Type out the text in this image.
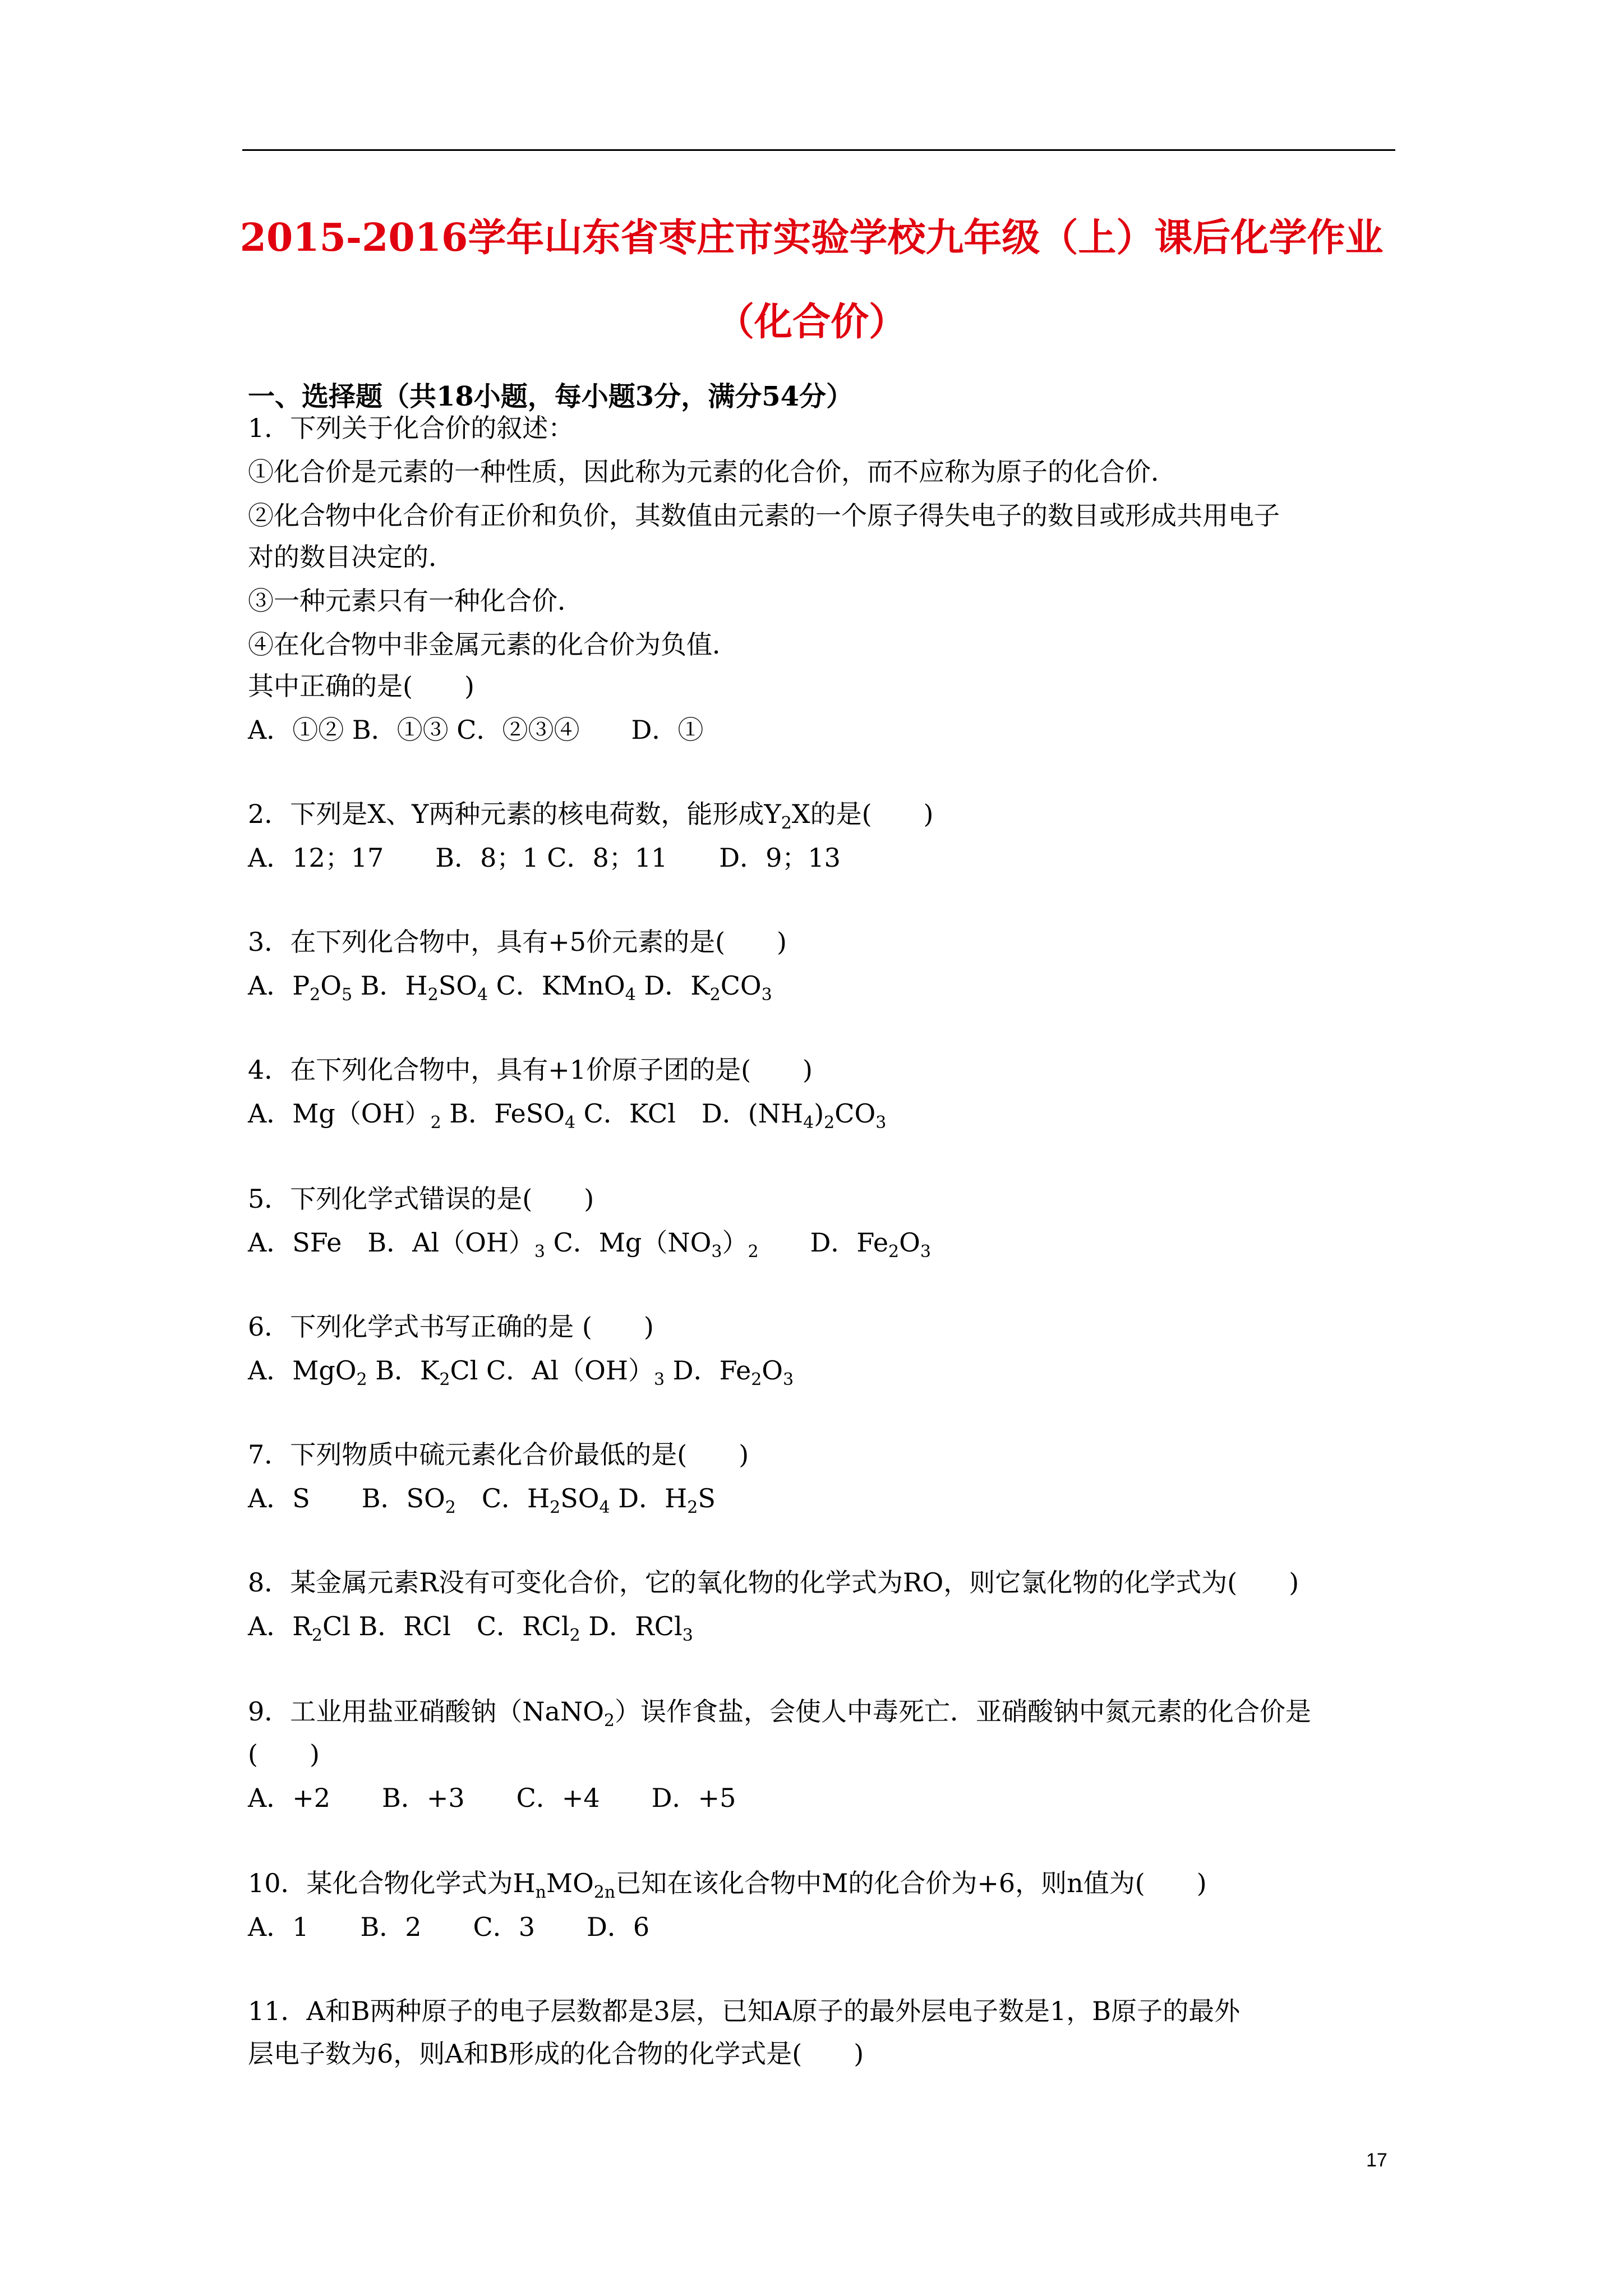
2015-2016学年山东省枣庄市实验学校九年级（上）课后化学作业
（化合价）
一、选择题（共18小题，每小题3分，满分54分）
1．下列关于化合价的叙述：
①化合价是元素的一种性质，因此称为元素的化合价，而不应称为原子的化合价．
②化合物中化合价有正价和负价，其数值由元素的一个原子得失电子的数目或形成共用电子
对的数目决定的．
③一种元素只有一种化合价．
④在化合物中非金属元素的化合价为负值．
其中正确的是(　　)
A．①② B．①③ C．②③④　　D．①
2．下列是X、Y两种元素的核电荷数，能形成$Y_2X$的是(　　)
A．12；17　　B．8；1 C．8；11　　D．9；13
3．在下列化合物中，具有+5价元素的是(　　)
A．$P_2O_5$ B．$H_2SO_4$ C．KMnO$_4$ D．$K_2CO_3$
4．在下列化合物中，具有+1价原子团的是(　　)
A．$Mg(OH)_2$ B．FeSO$_4$ C．KCl　D．$(NH_4)_2CO_3$
5．下列化学式错误的是(　　)
A．SFe　B．$Al(OH)_3$ C．$Mg(NO_3)_2$　　D．$Fe_2O_3$
6．下列化学式书写正确的是 (　　)
A．MgO$_2$ B．$K_2Cl$ C．$Al(OH)_3$ D．$Fe_2O_3$
7．下列物质中硫元素化合价最低的是(　　)
A．S　　B．$SO_2$　C．$H_2SO_4$ D．$H_2S$
8．某金属元素R没有可变化合价，它的氧化物的化学式为RO，则它氯化物的化学式为(　　)
A．$R_2Cl$ B．RCl　C．RCl$_2$ D．RCl$_3$
9．工业用盐亚硝酸钠（NaNO$_2$）误作食盐，会使人中毒死亡．亚硝酸钠中氮元素的化合价是
(　　)
A．+2　　B．+3　　C．+4　　D．+5
10．某化合物化学式为$H_nMO_{2n}$已知在该化合物中M的化合价为+6，则n值为(　　)
A．1　　B．2　　C．3　　D．6
11．A和B两种原子的电子层数都是3层，已知A原子的最外层电子数是1，B原子的最外
层电子数为6，则A和B形成的化合物的化学式是(　　)
17
